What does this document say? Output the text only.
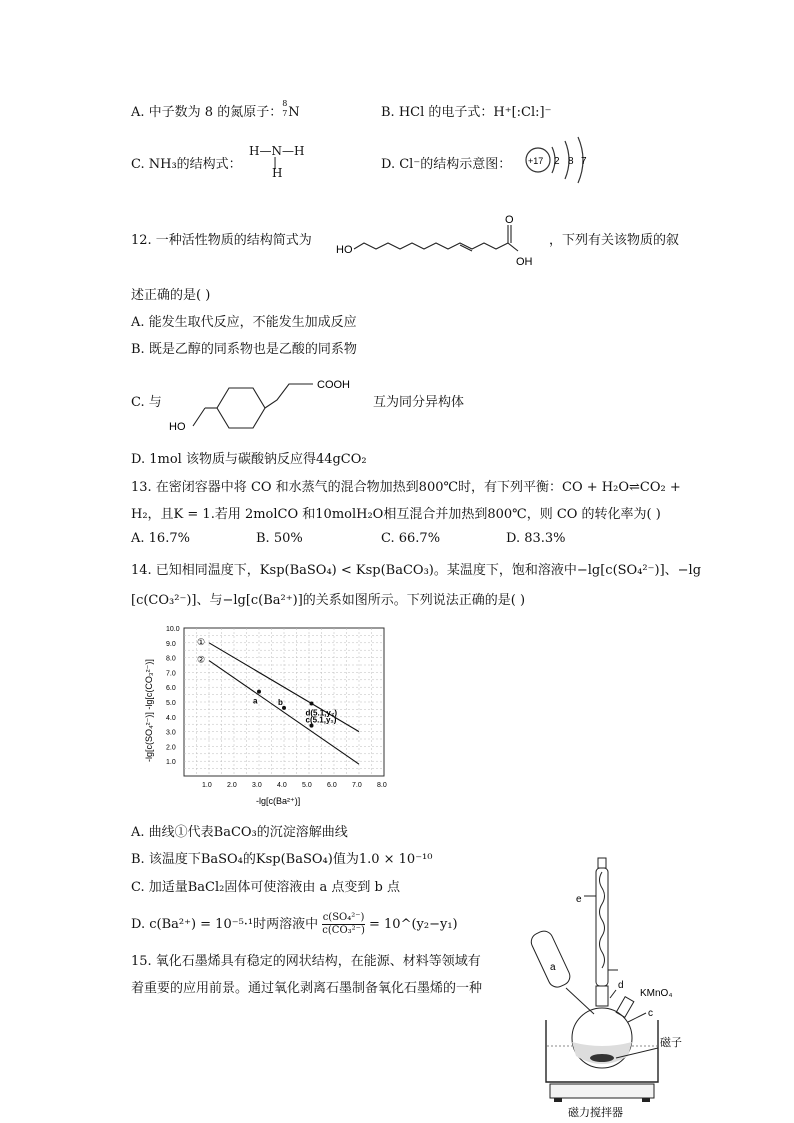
A. 中子数为 8 的氮原子：
8
7 N	B. HCl 的电子式：H⁺[:Cl:]⁻
C. NH₃的结构式：
H—N—H
|
H
D. Cl⁻的结构示意图： +17 2 8 7
12. 一种活性物质的结构简式为
HO
O
OH
，下列有关该物质的叙
述正确的是( )
A. 能发生取代反应，不能发生加成反应
B. 既是乙醇的同系物也是乙酸的同系物
C. 与
HO
COOH
互为同分异构体
D. 1mol 该物质与碳酸钠反应得44gCO₂
13. 在密闭容器中将 CO 和水蒸气的混合物加热到800℃时，有下列平衡：CO + H₂O⇌CO₂ +
H₂，且K = 1.若用 2molCO 和10molH₂O相互混合并加热到800℃，则 CO 的转化率为( )
A. 16.7%	B. 50%	C. 66.7%	D. 83.3%
14. 已知相同温度下，Ksp(BaSO₄) < Ksp(BaCO₃)。某温度下，饱和溶液中−lg[c(SO₄²⁻)]、−lg
[c(CO₃²⁻)]、与−lg[c(Ba²⁺)]的关系如图所示。下列说法正确的是( )
1.0 2.0 3.0 4.0 5.0 6.0 7.0 8.0
1.0
2.0
3.0
4.0
5.0
6.0
7.0
8.0
9.0
10.0
①
②
a	b
d(5.1,y₂)
c(5.1,y₁)
-lg[c(Ba²⁺)]
-lg[c(SO₄²⁻)] -lg[c(CO₃²⁻)]
A. 曲线①代表BaCO₃的沉淀溶解曲线
B. 该温度下BaSO₄的Ksp(BaSO₄)值为1.0 × 10⁻¹⁰
C. 加适量BaCl₂固体可使溶液由 a 点变到 b 点
D. c(Ba²⁺) = 10⁻⁵·¹时两溶液中 $\frac{\text{c(SO₄²⁻)}}{\text{c(CO₃²⁻)}}$ = 10^(y₂−y₁)
15. 氧化石墨烯具有稳定的网状结构，在能源、材料等领域有
着重要的应用前景。通过氧化剥离石墨制备氧化石墨烯的一种
e
a
d
KMnO₄
c
磁子
磁力搅拌器
